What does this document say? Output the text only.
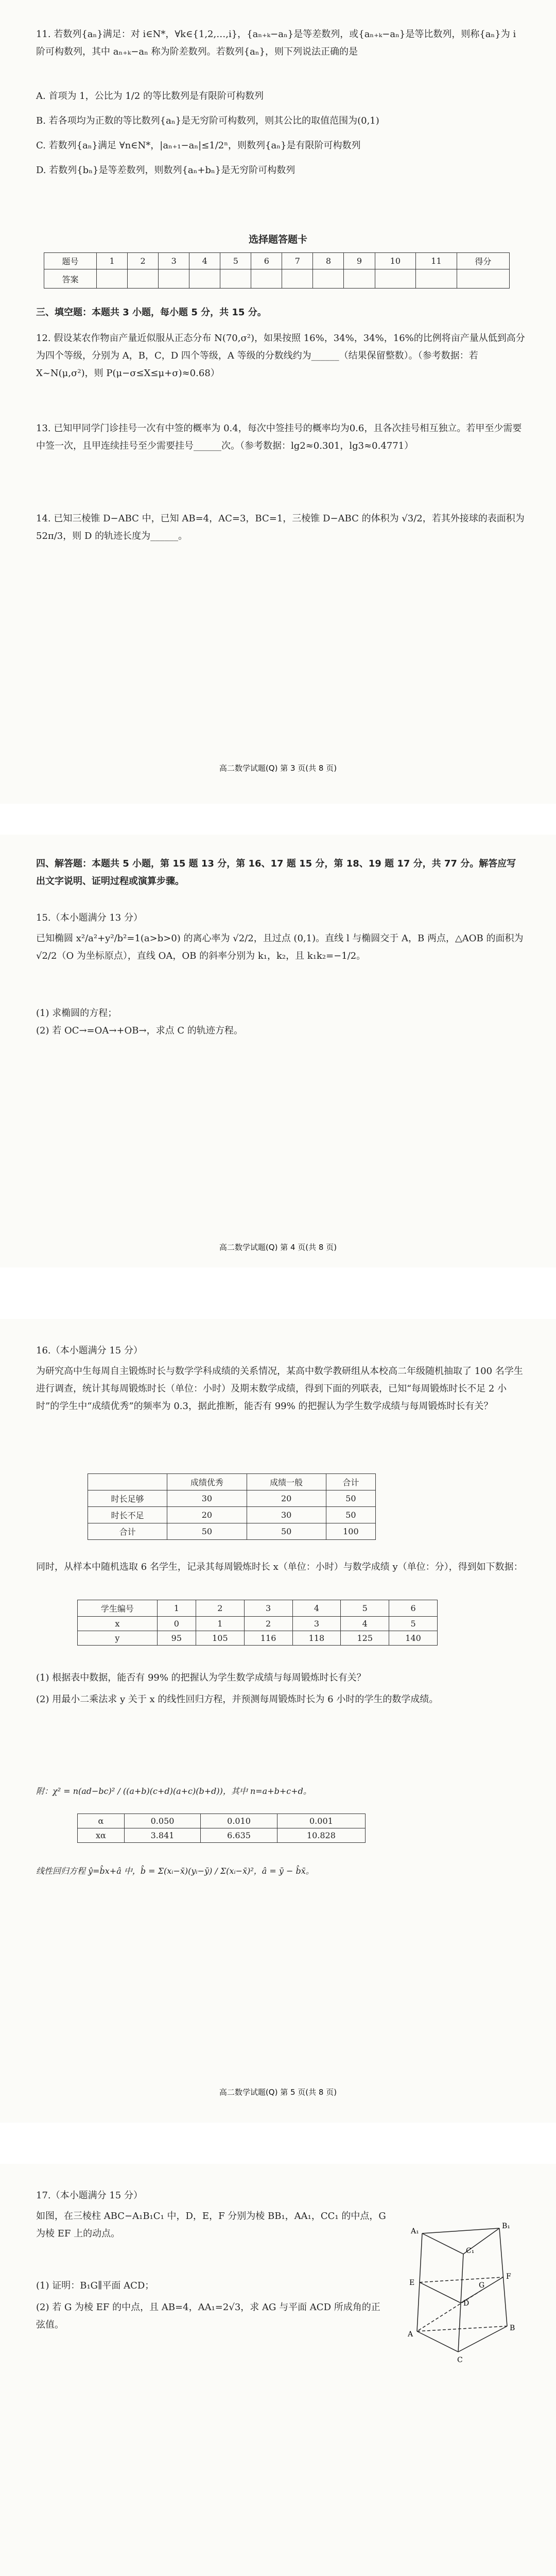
11. 若数列{aₙ}满足：对 i∈N*，∀k∈{1,2,…,i}，{aₙ₊ₖ−aₙ}是等差数列，或{aₙ₊ₖ−aₙ}是等比数列，则称{aₙ}为 i 阶可构数列，其中 aₙ₊ₖ−aₙ 称为阶差数列。若数列{aₙ}，则下列说法正确的是
A. 首项为 1，公比为 1/2 的等比数列是有限阶可构数列
B. 若各项均为正数的等比数列{aₙ}是无穷阶可构数列，则其公比的取值范围为(0,1)
C. 若数列{aₙ}满足 ∀n∈N*，|aₙ₊₁−aₙ|≤1/2ⁿ，则数列{aₙ}是有限阶可构数列
D. 若数列{bₙ}是等差数列，则数列{aₙ+bₙ}是无穷阶可构数列
选择题答题卡
题号	1	2	3	4	5	6	7	8	9	10	11	得分
答案												
三、填空题：本题共 3 小题，每小题 5 分，共 15 分。
12. 假设某农作物亩产量近似服从正态分布 N(70,σ²)，如果按照 16%，34%，34%，16%的比例将亩产量从低到高分为四个等级，分别为 A，B，C，D 四个等级，A 等级的分数线约为______（结果保留整数）。（参考数据：若 X~N(μ,σ²)，则 P(μ−σ≤X≤μ+σ)≈0.68）
13. 已知甲同学门诊挂号一次有中签的概率为 0.4，每次中签挂号的概率均为0.6，且各次挂号相互独立。若甲至少需要中签一次，且甲连续挂号至少需要挂号______次。（参考数据：lg2≈0.301，lg3≈0.4771）
14. 已知三棱锥 D−ABC 中，已知 AB=4，AC=3，BC=1，三棱锥 D−ABC 的体积为 √3/2，若其外接球的表面积为 52π/3，则 D 的轨迹长度为______。
高二数学试题(Q) 第 3 页(共 8 页)
四、解答题：本题共 5 小题，第 15 题 13 分，第 16、17 题 15 分，第 18、19 题 17 分，共 77 分。解答应写出文字说明、证明过程或演算步骤。
15.（本小题满分 13 分）
已知椭圆 x²/a²+y²/b²=1(a>b>0) 的离心率为 √2/2，且过点 (0,1)。直线 l 与椭圆交于 A，B 两点，△AOB 的面积为 √2/2（O 为坐标原点），直线 OA，OB 的斜率分别为 k₁，k₂，且 k₁k₂=−1/2。
(1) 求椭圆的方程；
(2) 若 OC→=OA→+OB→，求点 C 的轨迹方程。
高二数学试题(Q) 第 4 页(共 8 页)
16.（本小题满分 15 分）
为研究高中生每周自主锻炼时长与数学学科成绩的关系情况，某高中数学教研组从本校高二年级随机抽取了 100 名学生进行调查，统计其每周锻炼时长（单位：小时）及期末数学成绩，得到下面的列联表，已知“每周锻炼时长不足 2 小时”的学生中“成绩优秀”的频率为 0.3，据此推断，能否有 99% 的把握认为学生数学成绩与每周锻炼时长有关？
	成绩优秀	成绩一般	合计
时长足够	30	20	50
时长不足	20	30	50
合计	50	50	100
同时，从样本中随机选取 6 名学生，记录其每周锻炼时长 x（单位：小时）与数学成绩 y（单位：分），得到如下数据：
学生编号	1	2	3	4	5	6
x	0	1	2	3	4	5
y	95	105	116	118	125	140
(1) 根据表中数据，能否有 99% 的把握认为学生数学成绩与每周锻炼时长有关？
(2) 用最小二乘法求 y 关于 x 的线性回归方程，并预测每周锻炼时长为 6 小时的学生的数学成绩。
附：χ² = n(ad−bc)² / ((a+b)(c+d)(a+c)(b+d))，其中 n=a+b+c+d。
α	0.050	0.010	0.001
xα	3.841	6.635	10.828
线性回归方程 ŷ=b̂x+â 中，b̂ = Σ(xᵢ−x̄)(yᵢ−ȳ) / Σ(xᵢ−x̄)²，â = ȳ − b̂x̄。
高二数学试题(Q) 第 5 页(共 8 页)
17.（本小题满分 15 分）
如图，在三棱柱 ABC−A₁B₁C₁ 中，D，E，F 分别为棱 BB₁，AA₁，CC₁ 的中点，G 为棱 EF 上的动点。
(1) 证明：B₁G∥平面 ACD；
(2) 若 G 为棱 EF 的中点，且 AB=4，AA₁=2√3，求 AG 与平面 ACD 所成角的正弦值。
A₁
B₁
C₁
E
F
G
D
A
B
C
